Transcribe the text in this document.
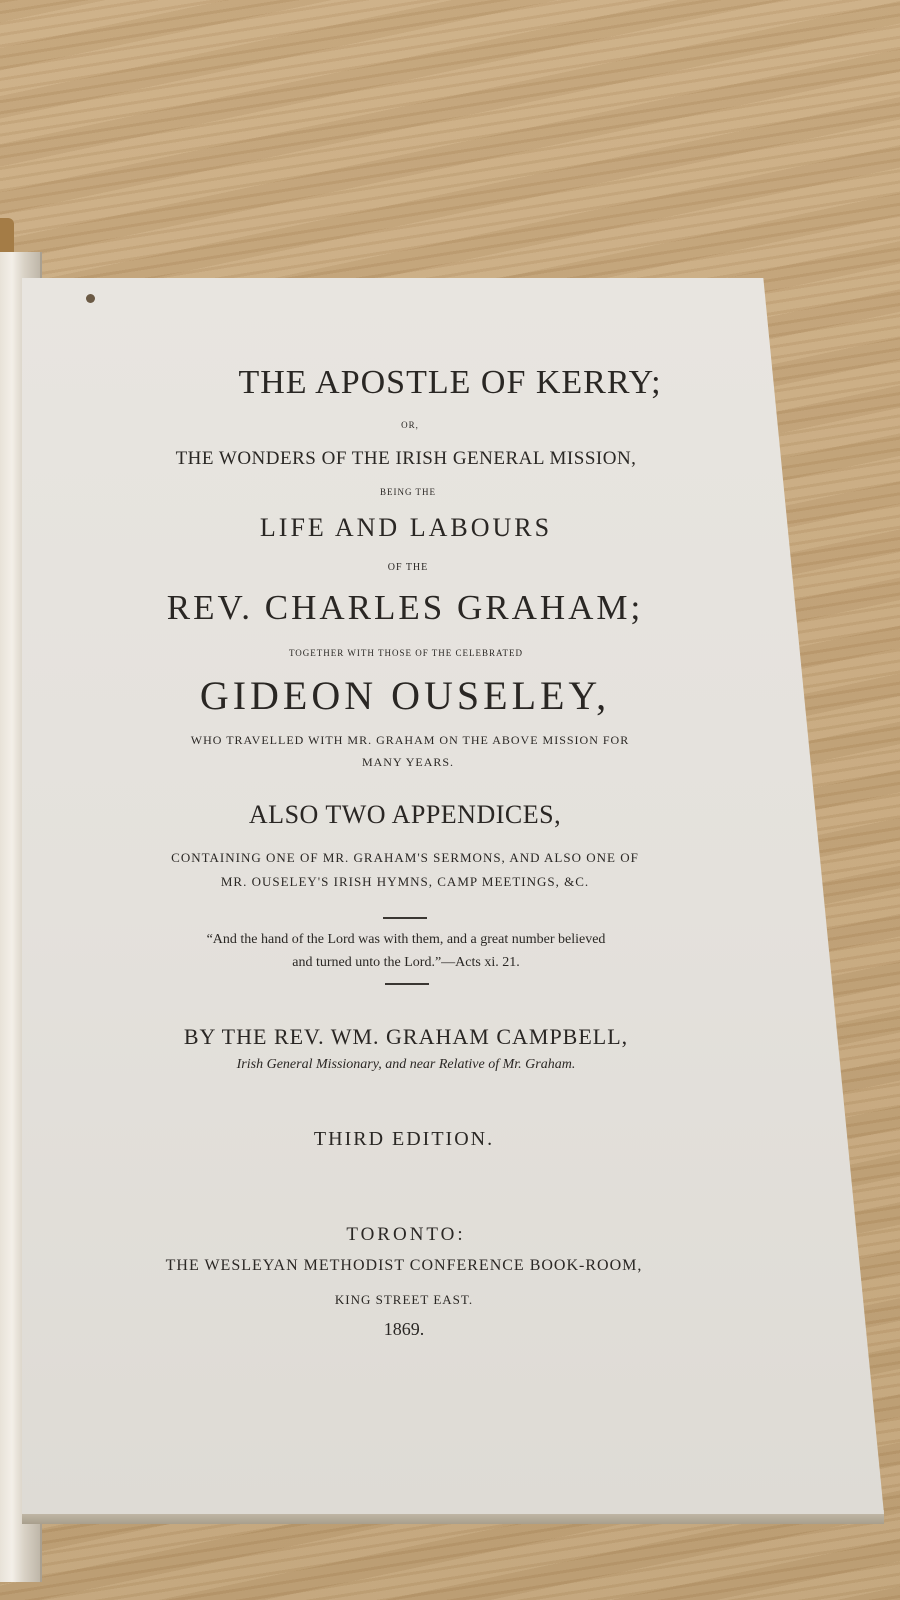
THE APOSTLE OF KERRY;
OR,
THE WONDERS OF THE IRISH GENERAL MISSION,
BEING THE
LIFE AND LABOURS
OF THE
REV. CHARLES GRAHAM;
TOGETHER WITH THOSE OF THE CELEBRATED
GIDEON OUSELEY,
WHO TRAVELLED WITH MR. GRAHAM ON THE ABOVE MISSION FOR
MANY YEARS.
ALSO TWO APPENDICES,
CONTAINING ONE OF MR. GRAHAM'S SERMONS, AND ALSO ONE OF
MR. OUSELEY'S IRISH HYMNS, CAMP MEETINGS, &C.
“And the hand of the Lord was with them, and a great number believed
and turned unto the Lord.”—Acts xi. 21.
BY THE REV. WM. GRAHAM CAMPBELL,
Irish General Missionary, and near Relative of Mr. Graham.
THIRD EDITION.
TORONTO:
THE WESLEYAN METHODIST CONFERENCE BOOK-ROOM,
KING STREET EAST.
1869.
